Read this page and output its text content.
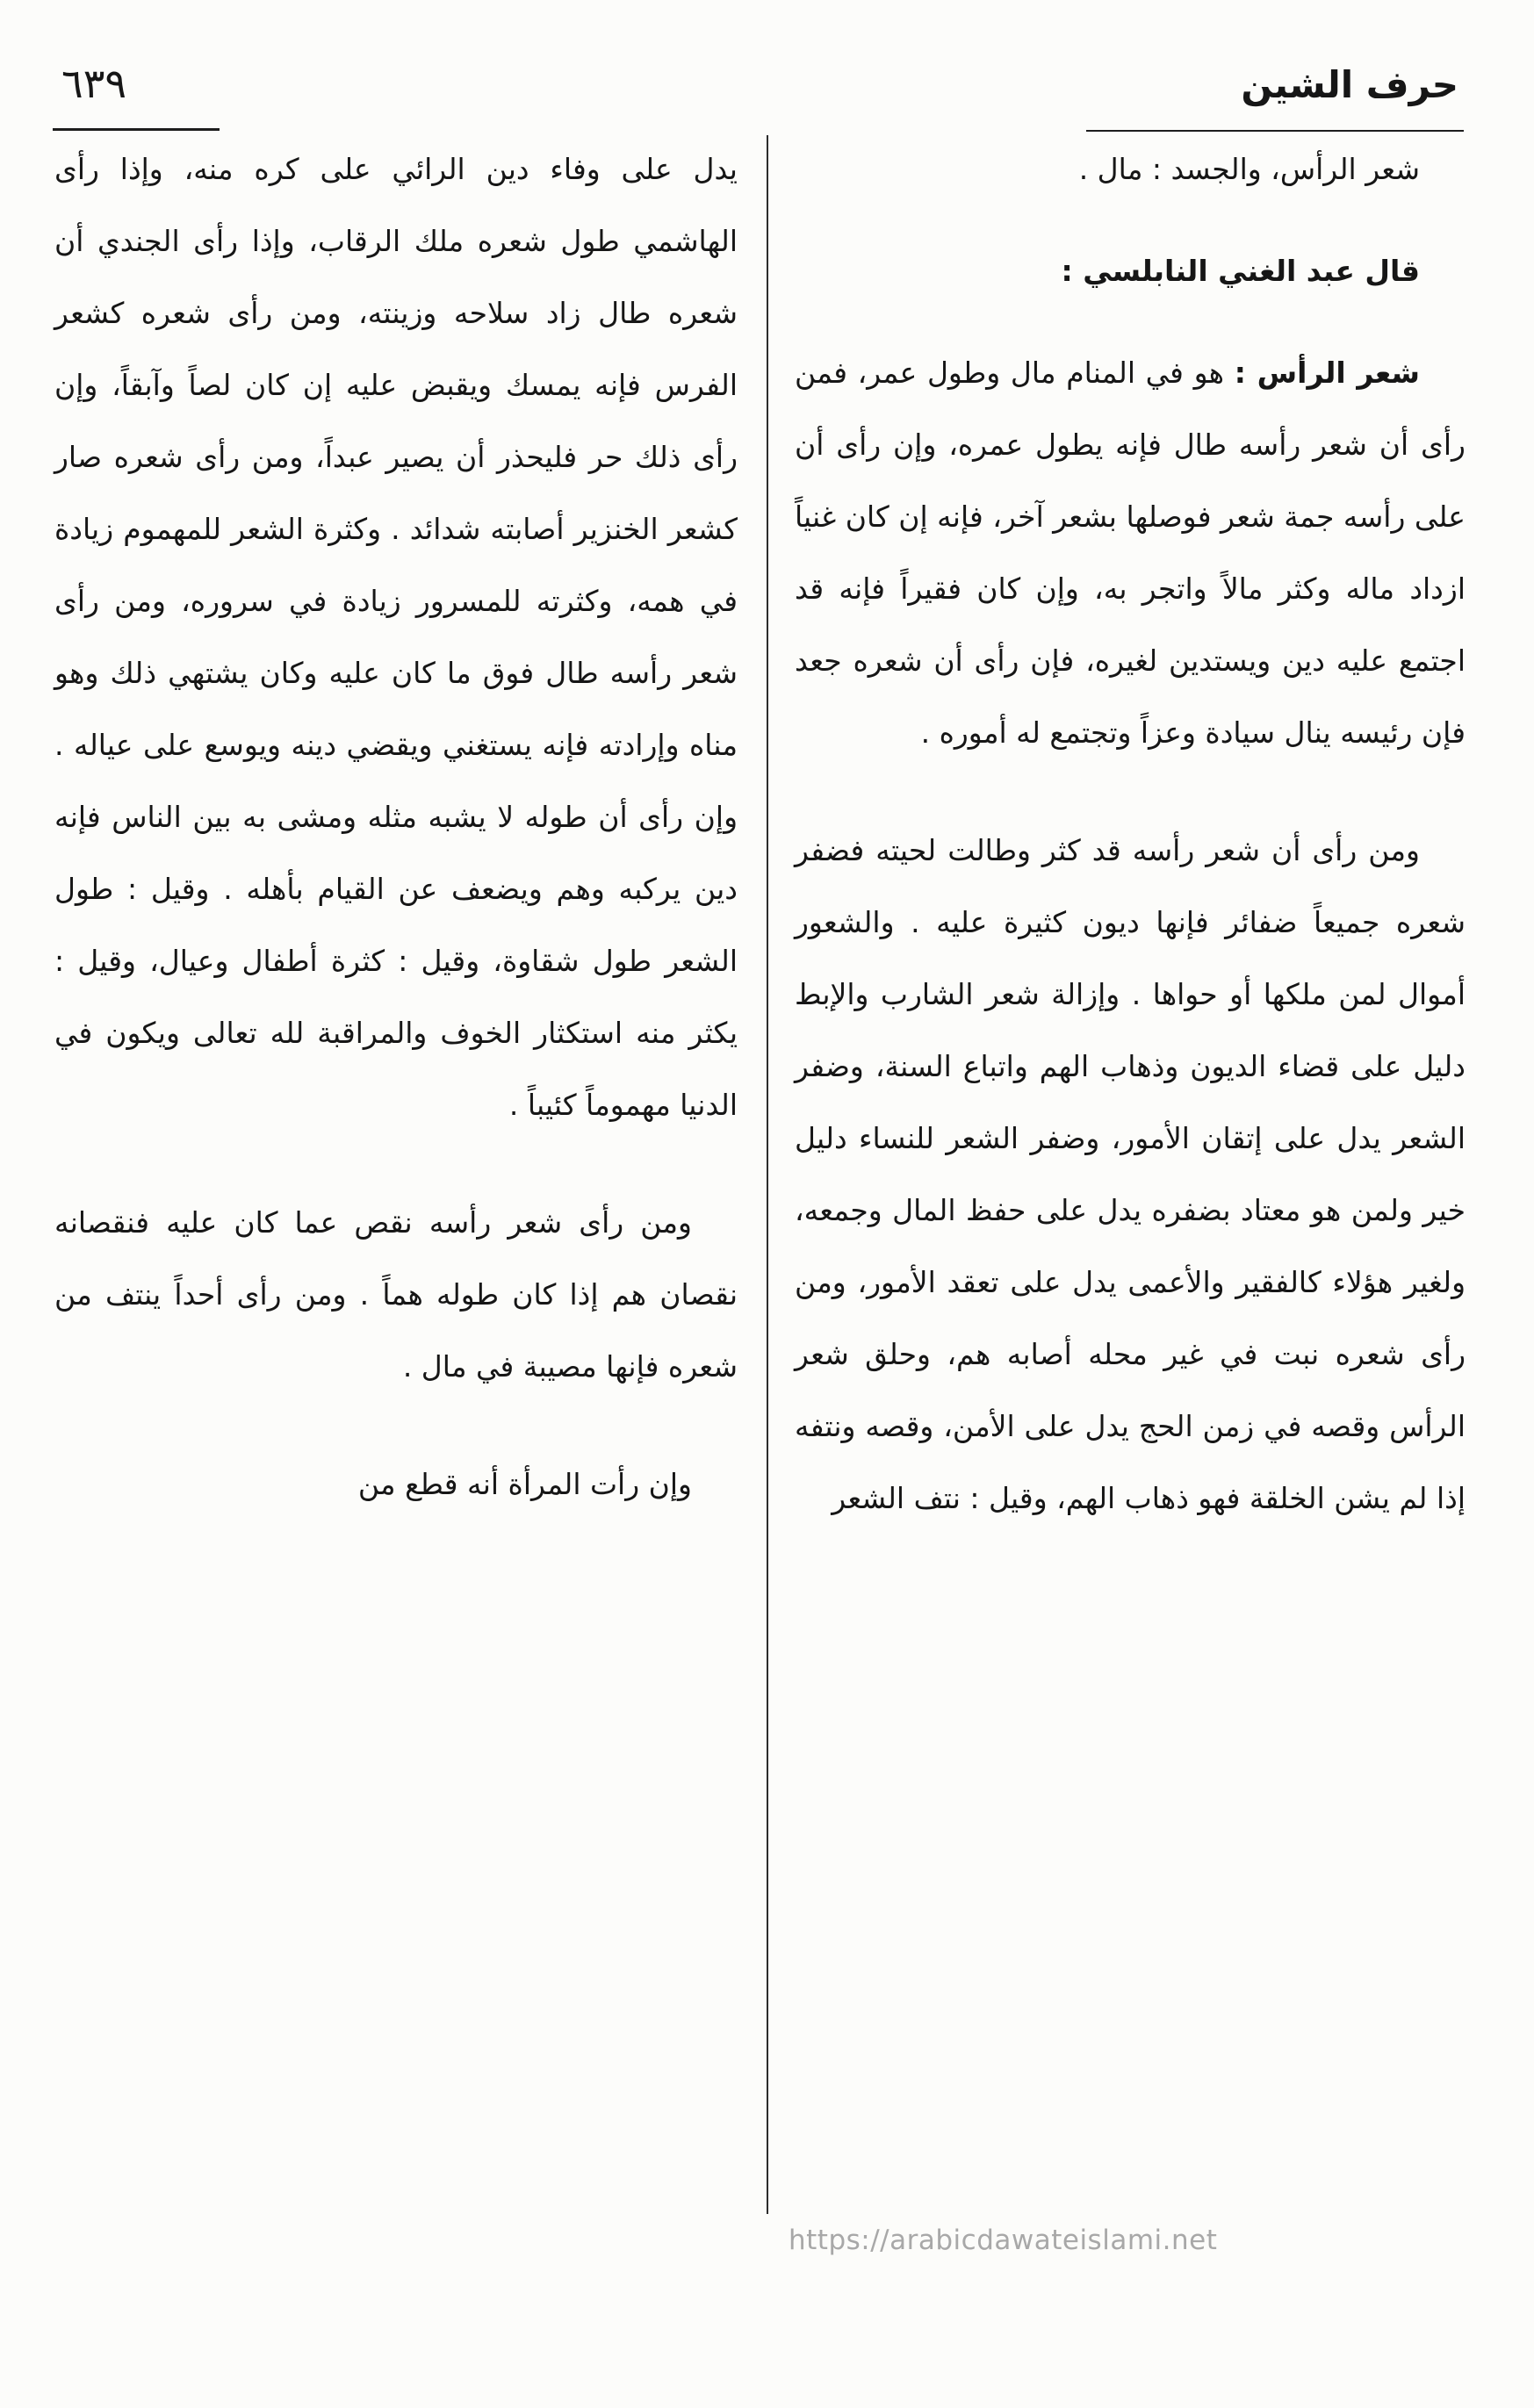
حرف الشين
٦٣٩

شعر الرأس، والجسد : مال .

قال عبد الغني النابلسي :

شعر الرأس : هو في المنام مال وطول عمر، فمن رأى أن شعر رأسه طال فإنه يطول عمره، وإن رأى أن على رأسه جمة شعر فوصلها بشعر آخر، فإنه إن كان غنياً ازداد ماله وكثر مالاً واتجر به، وإن كان فقيراً فإنه قد اجتمع عليه دين ويستدين لغيره، فإن رأى أن شعره جعد فإن رئيسه ينال سيادة وعزاً وتجتمع له أموره .

ومن رأى أن شعر رأسه قد كثر وطالت لحيته فضفر شعره جميعاً ضفائر فإنها ديون كثيرة عليه . والشعور أموال لمن ملكها أو حواها . وإزالة شعر الشارب والإبط دليل على قضاء الديون وذهاب الهم واتباع السنة، وضفر الشعر يدل على إتقان الأمور، وضفر الشعر للنساء دليل خير ولمن هو معتاد بضفره يدل على حفظ المال وجمعه، ولغير هؤلاء كالفقير والأعمى يدل على تعقد الأمور، ومن رأى شعره نبت في غير محله أصابه هم، وحلق شعر الرأس وقصه في زمن الحج يدل على الأمن، وقصه ونتفه إذا لم يشن الخلقة فهو ذهاب الهم، وقيل : نتف الشعر

يدل على وفاء دين الرائي على كره منه، وإذا رأى الهاشمي طول شعره ملك الرقاب، وإذا رأى الجندي أن شعره طال زاد سلاحه وزينته، ومن رأى شعره كشعر الفرس فإنه يمسك ويقبض عليه إن كان لصاً وآبقاً، وإن رأى ذلك حر فليحذر أن يصير عبداً، ومن رأى شعره صار كشعر الخنزير أصابته شدائد . وكثرة الشعر للمهموم زيادة في همه، وكثرته للمسرور زيادة في سروره، ومن رأى شعر رأسه طال فوق ما كان عليه وكان يشتهي ذلك وهو مناه وإرادته فإنه يستغني ويقضي دينه ويوسع على عياله . وإن رأى أن طوله لا يشبه مثله ومشى به بين الناس فإنه دين يركبه وهم ويضعف عن القيام بأهله . وقيل : طول الشعر طول شقاوة، وقيل : كثرة أطفال وعيال، وقيل : يكثر منه استكثار الخوف والمراقبة لله تعالى ويكون في الدنيا مهموماً كئيباً .

ومن رأى شعر رأسه نقص عما كان عليه فنقصانه نقصان هم إذا كان طوله هماً . ومن رأى أحداً ينتف من شعره فإنها مصيبة في مال .

وإن رأت المرأة أنه قطع من

https://arabicdawateislami.net
